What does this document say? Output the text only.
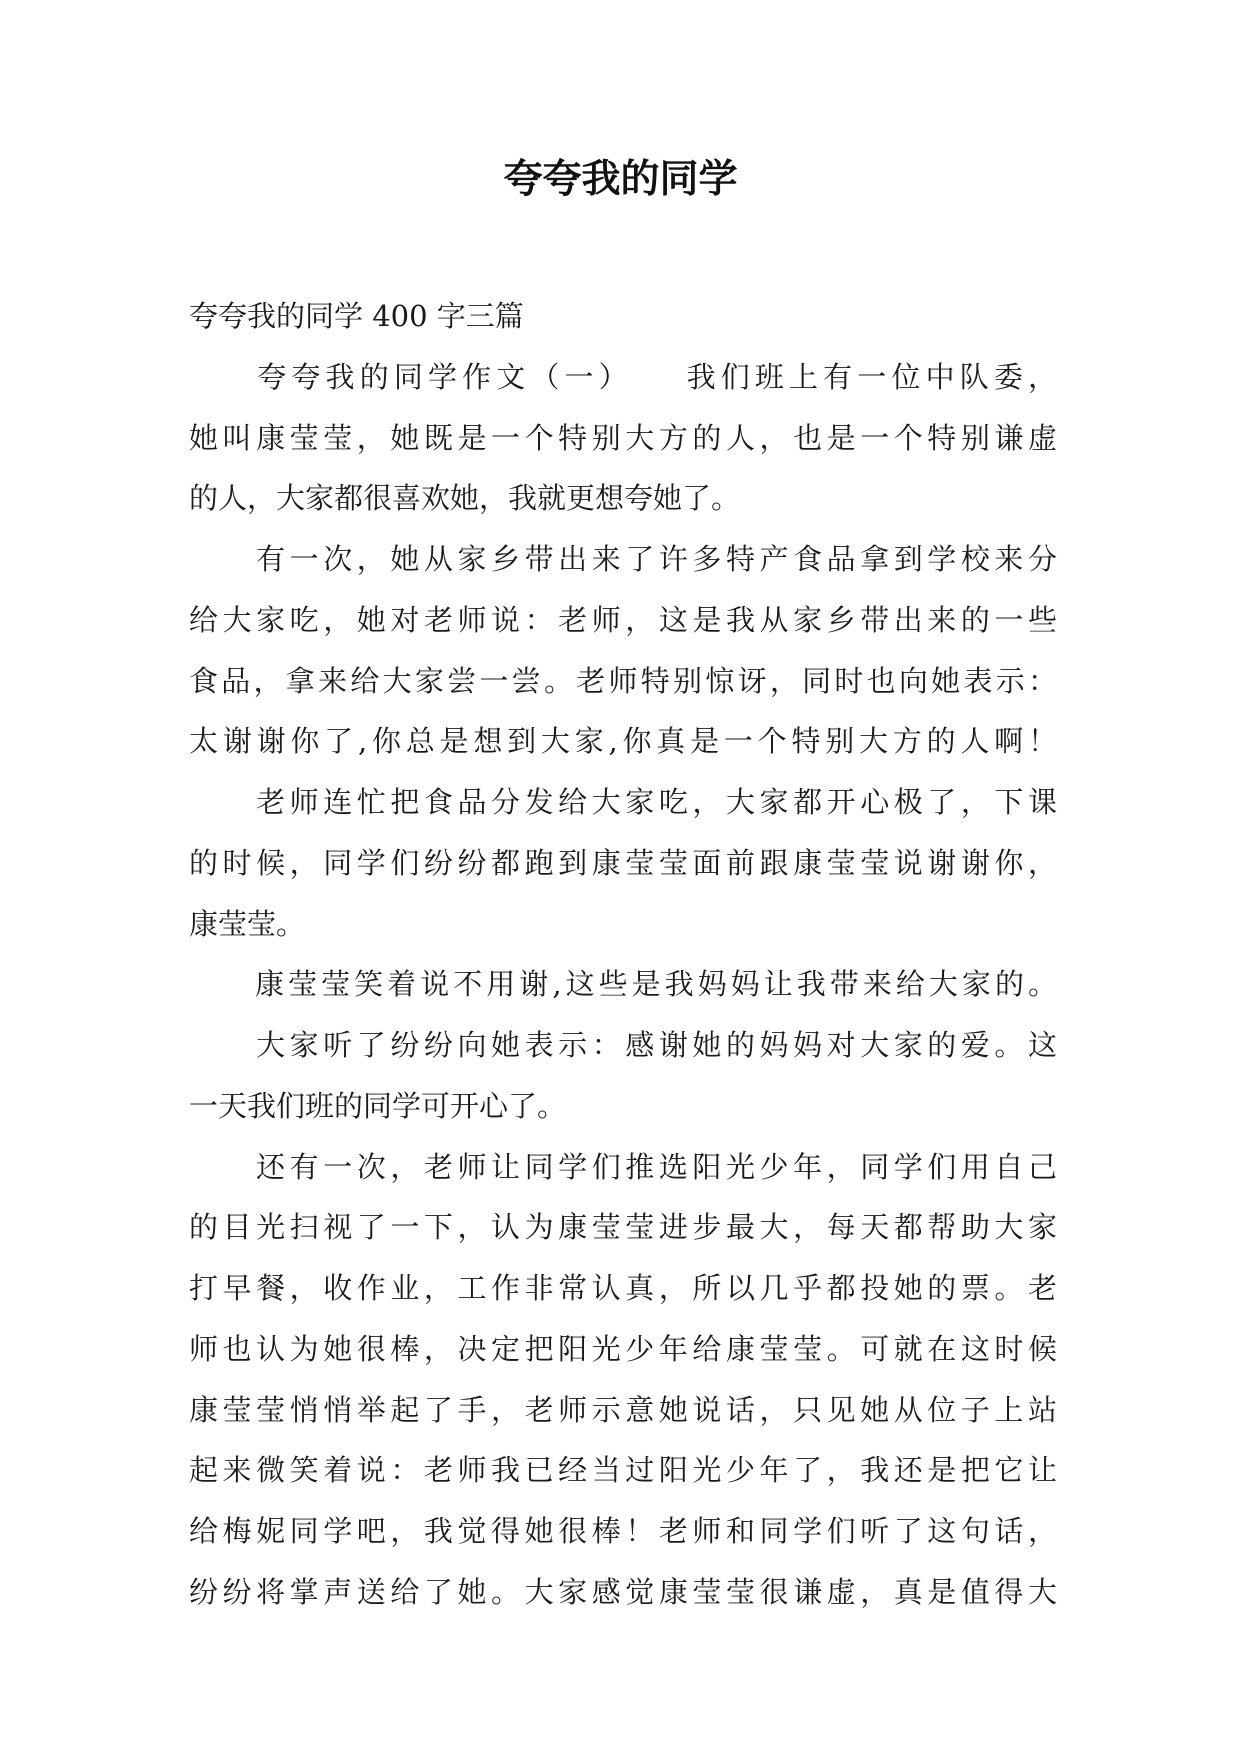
夸夸我的同学

夸夸我的同学 400 字三篇

　　夸夸我的同学作文（一）　　我们班上有一位中队委，

她叫康莹莹，她既是一个特别大方的人，也是一个特别谦虚

的人，大家都很喜欢她，我就更想夸她了。

　　有一次，她从家乡带出来了许多特产食品拿到学校来分

给大家吃，她对老师说：老师，这是我从家乡带出来的一些

食品，拿来给大家尝一尝。老师特别惊讶，同时也向她表示：

太谢谢你了,你总是想到大家,你真是一个特别大方的人啊！

　　老师连忙把食品分发给大家吃，大家都开心极了，下课

的时候，同学们纷纷都跑到康莹莹面前跟康莹莹说谢谢你，

康莹莹。

　　康莹莹笑着说不用谢,这些是我妈妈让我带来给大家的。

　　大家听了纷纷向她表示：感谢她的妈妈对大家的爱。这

一天我们班的同学可开心了。

　　还有一次，老师让同学们推选阳光少年，同学们用自己

的目光扫视了一下，认为康莹莹进步最大，每天都帮助大家

打早餐，收作业，工作非常认真，所以几乎都投她的票。老

师也认为她很棒，决定把阳光少年给康莹莹。可就在这时候

康莹莹悄悄举起了手，老师示意她说话，只见她从位子上站

起来微笑着说：老师我已经当过阳光少年了，我还是把它让

给梅妮同学吧，我觉得她很棒！老师和同学们听了这句话，

纷纷将掌声送给了她。大家感觉康莹莹很谦虚，真是值得大
